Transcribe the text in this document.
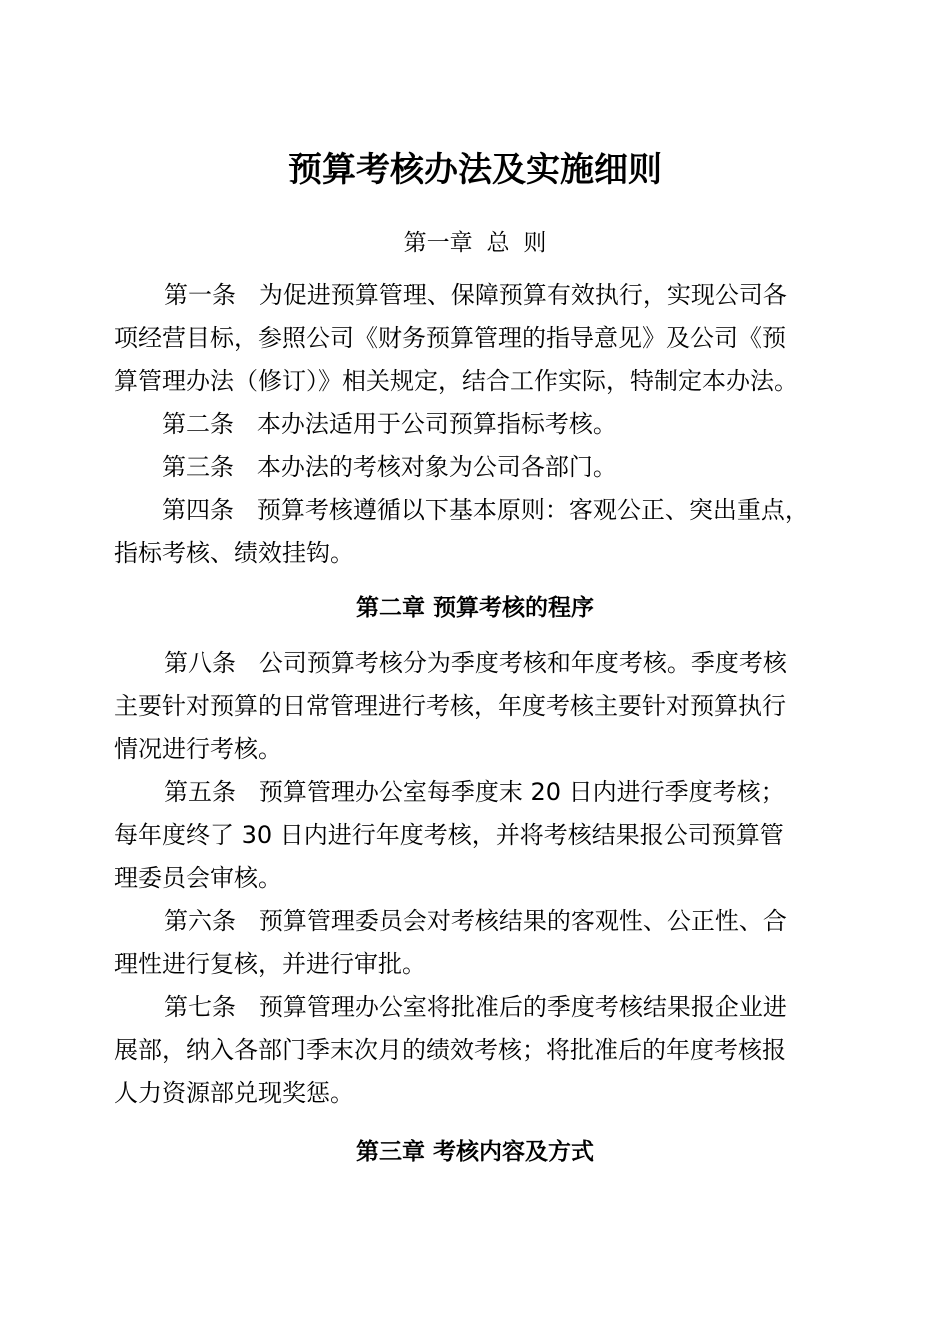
预算考核办法及实施细则
第一章 总 则

第一条   为促进预算管理、保障预算有效执行，实现公司各
项经营目标，参照公司《财务预算管理的指导意见》及公司《预
算管理办法（修订）》相关规定，结合工作实际，特制定本办法。

第二条   本办法适用于公司预算指标考核。

第三条   本办法的考核对象为公司各部门。

第四条   预算考核遵循以下基本原则：客观公正、突出重点，
指标考核、绩效挂钩。

第二章 预算考核的程序

第八条   公司预算考核分为季度考核和年度考核。季度考核
主要针对预算的日常管理进行考核，年度考核主要针对预算执行
情况进行考核。

第五条   预算管理办公室每季度末 20 日内进行季度考核；
每年度终了 30 日内进行年度考核，并将考核结果报公司预算管
理委员会审核。

第六条   预算管理委员会对考核结果的客观性、公正性、合
理性进行复核，并进行审批。

第七条   预算管理办公室将批准后的季度考核结果报企业进
展部，纳入各部门季末次月的绩效考核；将批准后的年度考核报
人力资源部兑现奖惩。

第三章 考核内容及方式
